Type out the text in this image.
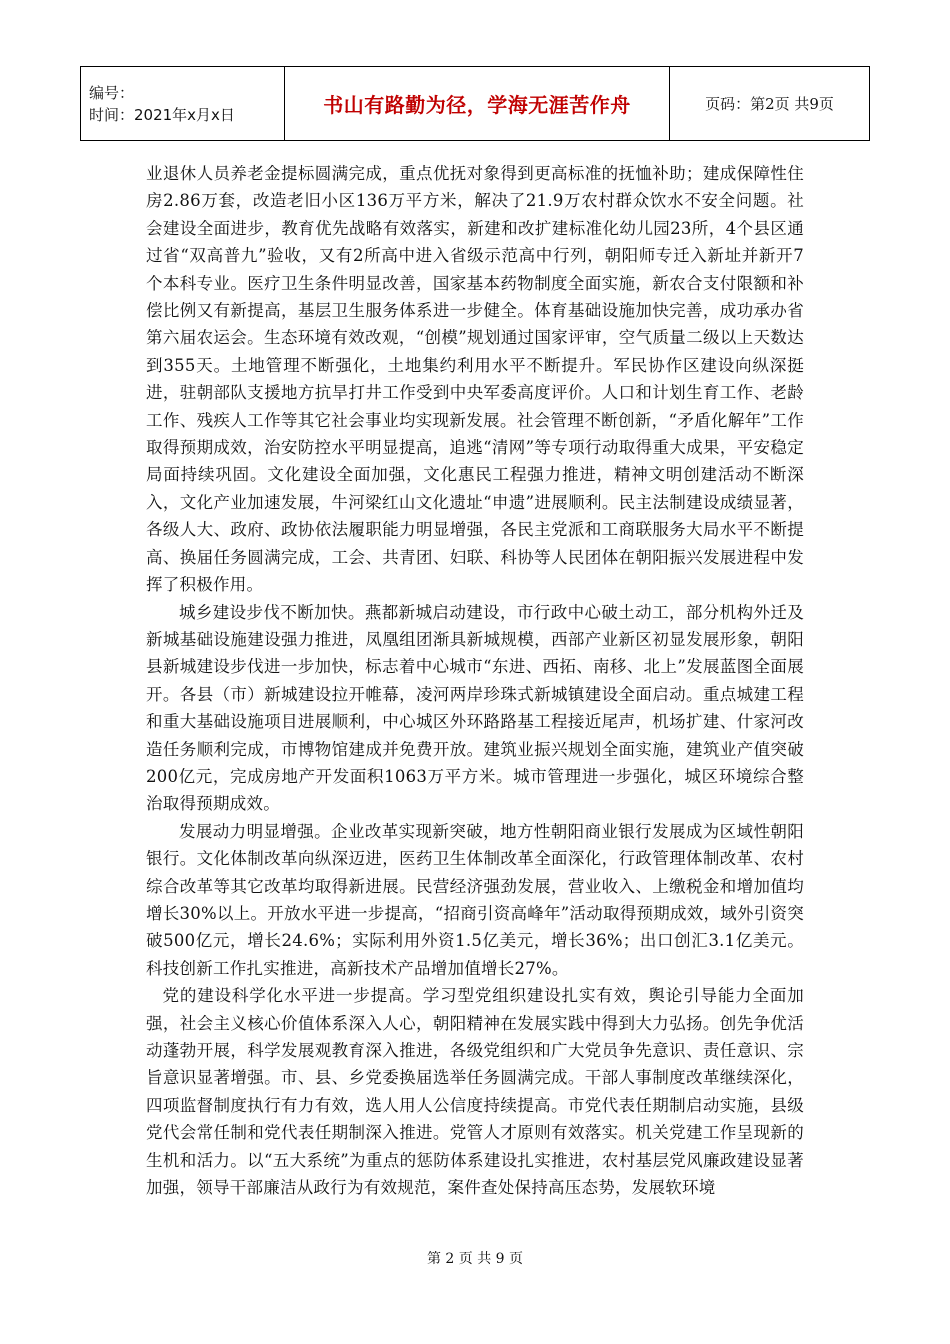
编号：
时间：2021年x月x日	书山有路勤为径，学海无涯苦作舟	页码：第2页 共9页

业退休人员养老金提标圆满完成，重点优抚对象得到更高标准的抚恤补助；建成保障性住房2.86万套，改造老旧小区136万平方米，解决了21.9万农村群众饮水不安全问题。社会建设全面进步，教育优先战略有效落实，新建和改扩建标准化幼儿园23所，4个县区通过省“双高普九”验收，又有2所高中进入省级示范高中行列，朝阳师专迁入新址并新开7个本科专业。医疗卫生条件明显改善，国家基本药物制度全面实施，新农合支付限额和补偿比例又有新提高，基层卫生服务体系进一步健全。体育基础设施加快完善，成功承办省第六届农运会。生态环境有效改观，“创模”规划通过国家评审，空气质量二级以上天数达到355天。土地管理不断强化，土地集约利用水平不断提升。军民协作区建设向纵深挺进，驻朝部队支援地方抗旱打井工作受到中央军委高度评价。人口和计划生育工作、老龄工作、残疾人工作等其它社会事业均实现新发展。社会管理不断创新，“矛盾化解年”工作取得预期成效，治安防控水平明显提高，追逃“清网”等专项行动取得重大成果，平安稳定局面持续巩固。文化建设全面加强，文化惠民工程强力推进，精神文明创建活动不断深入，文化产业加速发展，牛河梁红山文化遗址“申遗”进展顺利。民主法制建设成绩显著，各级人大、政府、政协依法履职能力明显增强，各民主党派和工商联服务大局水平不断提高、换届任务圆满完成，工会、共青团、妇联、科协等人民团体在朝阳振兴发展进程中发挥了积极作用。

城乡建设步伐不断加快。燕都新城启动建设，市行政中心破土动工，部分机构外迁及新城基础设施建设强力推进，凤凰组团渐具新城规模，西部产业新区初显发展形象，朝阳县新城建设步伐进一步加快，标志着中心城市“东进、西拓、南移、北上”发展蓝图全面展开。各县（市）新城建设拉开帷幕，凌河两岸珍珠式新城镇建设全面启动。重点城建工程和重大基础设施项目进展顺利，中心城区外环路路基工程接近尾声，机场扩建、什家河改造任务顺利完成，市博物馆建成并免费开放。建筑业振兴规划全面实施，建筑业产值突破200亿元，完成房地产开发面积1063万平方米。城市管理进一步强化，城区环境综合整治取得预期成效。

发展动力明显增强。企业改革实现新突破，地方性朝阳商业银行发展成为区域性朝阳银行。文化体制改革向纵深迈进，医药卫生体制改革全面深化，行政管理体制改革、农村综合改革等其它改革均取得新进展。民营经济强劲发展，营业收入、上缴税金和增加值均增长30%以上。开放水平进一步提高，“招商引资高峰年”活动取得预期成效，域外引资突破500亿元，增长24.6%；实际利用外资1.5亿美元，增长36%；出口创汇3.1亿美元。科技创新工作扎实推进，高新技术产品增加值增长27%。

党的建设科学化水平进一步提高。学习型党组织建设扎实有效，舆论引导能力全面加强，社会主义核心价值体系深入人心，朝阳精神在发展实践中得到大力弘扬。创先争优活动蓬勃开展，科学发展观教育深入推进，各级党组织和广大党员争先意识、责任意识、宗旨意识显著增强。市、县、乡党委换届选举任务圆满完成。干部人事制度改革继续深化，四项监督制度执行有力有效，选人用人公信度持续提高。市党代表任期制启动实施，县级党代会常任制和党代表任期制深入推进。党管人才原则有效落实。机关党建工作呈现新的生机和活力。以“五大系统”为重点的惩防体系建设扎实推进，农村基层党风廉政建设显著加强，领导干部廉洁从政行为有效规范，案件查处保持高压态势，发展软环境

第 2 页 共 9 页
